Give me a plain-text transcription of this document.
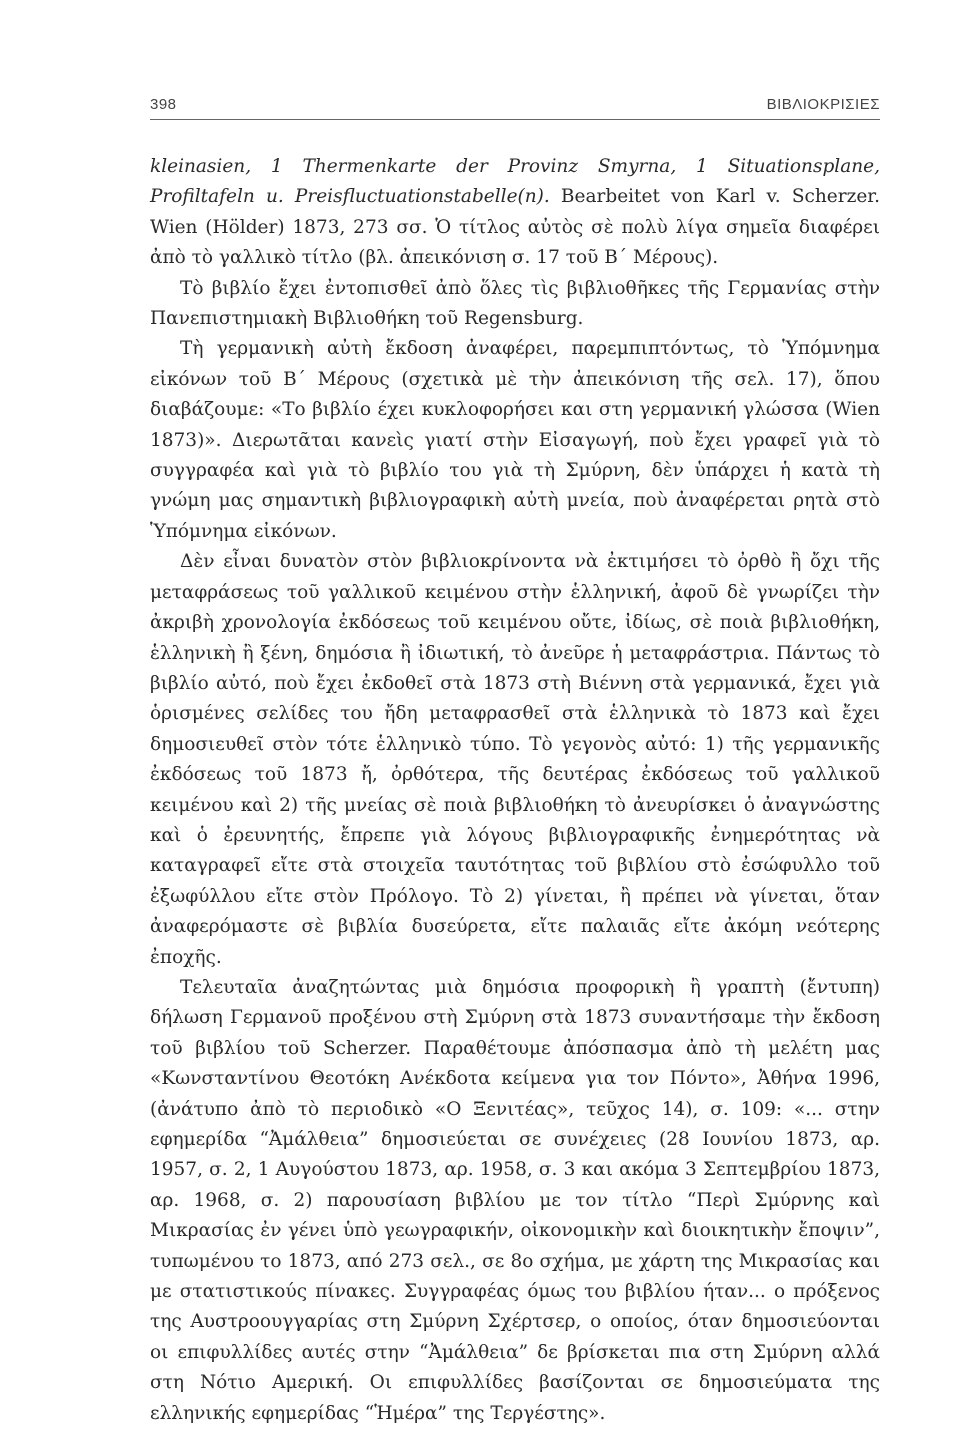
398	ΒΙΒΛΙΟΚΡΙΣΙΕΣ

kleinasien, 1 Thermenkarte der Provinz Smyrna, 1 Situationsplane, Profiltafeln u. Preisfluctuationstabelle(n). Bearbeitet von Karl v. Scherzer. Wien (Hölder) 1873, 273 σσ. Ὁ τίτλος αὐτὸς σὲ πολὺ λίγα σημεῖα διαφέρει ἀπὸ τὸ γαλλικὸ τίτλο (βλ. ἀπεικόνιση σ. 17 τοῦ Β΄ Μέρους).

Τὸ βιβλίο ἔχει ἐντοπισθεῖ ἀπὸ ὅλες τὶς βιβλιοθῆκες τῆς Γερμανίας στὴν Πανεπιστημιακὴ Βιβλιοθήκη τοῦ Regensburg.

Τὴ γερμανικὴ αὐτὴ ἔκδοση ἀναφέρει, παρεμπιπτόντως, τὸ Ὑπόμνημα εἰκόνων τοῦ Β΄ Μέρους (σχετικὰ μὲ τὴν ἀπεικόνιση τῆς σελ. 17), ὅπου διαβάζουμε: «Το βιβλίο έχει κυκλοφορήσει και στη γερμανική γλώσσα (Wien 1873)». Διερωτᾶται κανεὶς γιατί στὴν Εἰσαγωγή, ποὺ ἔχει γραφεῖ γιὰ τὸ συγγραφέα καὶ γιὰ τὸ βιβλίο του γιὰ τὴ Σμύρνη, δὲν ὑπάρχει ἡ κατὰ τὴ γνώμη μας σημαντικὴ βιβλιογραφικὴ αὐτὴ μνεία, ποὺ ἀναφέρεται ρητὰ στὸ Ὑπόμνημα εἰκόνων.

Δὲν εἶναι δυνατὸν στὸν βιβλιοκρίνοντα νὰ ἐκτιμήσει τὸ ὀρθὸ ἢ ὄχι τῆς μεταφράσεως τοῦ γαλλικοῦ κειμένου στὴν ἑλληνική, ἀφοῦ δὲ γνωρίζει τὴν ἀκριβὴ χρονολογία ἐκδόσεως τοῦ κειμένου οὔτε, ἰδίως, σὲ ποιὰ βιβλιοθήκη, ἑλληνικὴ ἢ ξένη, δημόσια ἢ ἰδιωτική, τὸ ἀνεῦρε ἡ μεταφράστρια. Πάντως τὸ βιβλίο αὐτό, ποὺ ἔχει ἐκδοθεῖ στὰ 1873 στὴ Βιέννη στὰ γερμανικά, ἔχει γιὰ ὁρισμένες σελίδες του ἤδη μεταφρασθεῖ στὰ ἑλληνικὰ τὸ 1873 καὶ ἔχει δημοσιευθεῖ στὸν τότε ἑλληνικὸ τύπο. Τὸ γεγονὸς αὐτό: 1) τῆς γερμανικῆς ἐκδόσεως τοῦ 1873 ἤ, ὀρθότερα, τῆς δευτέρας ἐκδόσεως τοῦ γαλλικοῦ κειμένου καὶ 2) τῆς μνείας σὲ ποιὰ βιβλιοθήκη τὸ ἀνευρίσκει ὁ ἀναγνώστης καὶ ὁ ἐρευνητής, ἔπρεπε γιὰ λόγους βιβλιογραφικῆς ἐνημερότητας νὰ καταγραφεῖ εἴτε στὰ στοιχεῖα ταυτότητας τοῦ βιβλίου στὸ ἐσώφυλλο τοῦ ἐξωφύλλου εἴτε στὸν Πρόλογο. Τὸ 2) γίνεται, ἢ πρέπει νὰ γίνεται, ὅταν ἀναφερόμαστε σὲ βιβλία δυσεύρετα, εἴτε παλαιᾶς εἴτε ἀκόμη νεότερης ἐποχῆς.

Τελευταῖα ἀναζητώντας μιὰ δημόσια προφορικὴ ἢ γραπτὴ (ἔντυπη) δήλωση Γερμανοῦ προξένου στὴ Σμύρνη στὰ 1873 συναντήσαμε τὴν ἔκδοση τοῦ βιβλίου τοῦ Scherzer. Παραθέτουμε ἀπόσπασμα ἀπὸ τὴ μελέτη μας «Κωνσταντίνου Θεοτόκη Ανέκδοτα κείμενα για τον Πόντο», Ἀθήνα 1996, (ἀνάτυπο ἀπὸ τὸ περιοδικὸ «Ο Ξενιτέας», τεῦχος 14), σ. 109: «... στην εφημερίδα “Ἀμάλθεια” δημοσιεύεται σε συνέχειες (28 Ιουνίου 1873, αρ. 1957, σ. 2, 1 Αυγούστου 1873, αρ. 1958, σ. 3 και ακόμα 3 Σεπτεμβρίου 1873, αρ. 1968, σ. 2) παρουσίαση βιβλίου με τον τίτλο “Περὶ Σμύρνης καὶ Μικρασίας ἐν γένει ὑπὸ γεωγραφικήν, οἰκονομικὴν καὶ διοικητικὴν ἔποψιν”, τυπωμένου το 1873, από 273 σελ., σε 8ο σχήμα, με χάρτη της Μικρασίας και με στατιστικούς πίνακες. Συγγραφέας όμως του βιβλίου ήταν... ο πρόξενος της Αυστροουγγαρίας στη Σμύρνη Σχέρτσερ, ο οποίος, όταν δημοσιεύονται οι επιφυλλίδες αυτές στην “Ἀμάλθεια” δε βρίσκεται πια στη Σμύρνη αλλά στη Νότιο Αμερική. Οι επιφυλλίδες βασίζονται σε δημοσιεύματα της ελληνικής εφημερίδας “Ἡμέρα” της Τεργέστης».
